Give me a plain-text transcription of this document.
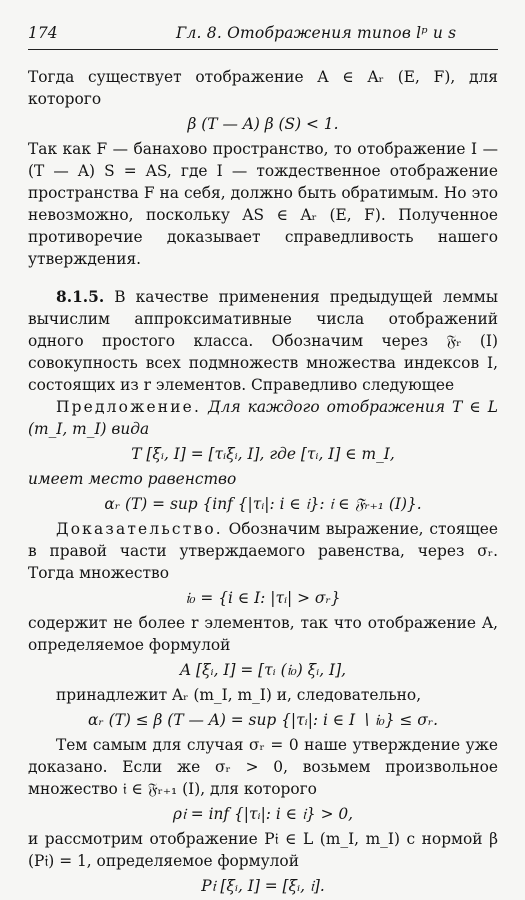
174	Гл. 8. Отображения типов lᵖ и s

Тогда существует отображение A ∈ Aᵣ (E, F), для которого

β (T — A) β (S) < 1.

Так как F — банахово пространство, то отображение I — (T — A) S = AS, где I — тождественное отображение пространства F на себя, должно быть обратимым. Но это невозможно, поскольку AS ∈ Aᵣ (E, F). Полученное противоречие доказывает справедливость нашего утверждения.

8.1.5. В качестве применения предыдущей леммы вычислим аппроксимативные числа отображений одного простого класса. Обозначим через 𝔉ᵣ (I) совокупность всех подмножеств множества индексов I, состоящих из r элементов. Справедливо следующее

Предложение. Для каждого отображения T ∈ L (m_I, m_I) вида

T [ξᵢ, I] = [τᵢξᵢ, I], где [τᵢ, I] ∈ m_I,

имеет место равенство

αᵣ (T) = sup {inf {|τᵢ|: i ∈ 𝔦}: 𝔦 ∈ 𝔉ᵣ₊₁ (I)}.

Доказательство. Обозначим выражение, стоящее в правой части утверждаемого равенства, через σᵣ. Тогда множество

𝔦₀ = {i ∈ I: |τᵢ| > σᵣ}

содержит не более r элементов, так что отображение A, определяемое формулой

A [ξᵢ, I] = [τᵢ (𝔦₀) ξᵢ, I],

принадлежит Aᵣ (m_I, m_I) и, следовательно,

αᵣ (T) ≤ β (T — A) = sup {|τᵢ|: i ∈ I ∖ 𝔦₀} ≤ σᵣ.

Тем самым для случая σᵣ = 0 наше утверждение уже доказано. Если же σᵣ > 0, возьмем произвольное множество 𝔦 ∈ 𝔉ᵣ₊₁ (I), для которого

ρ𝔦 = inf {|τᵢ|: i ∈ 𝔦} > 0,

и рассмотрим отображение P𝔦 ∈ L (m_I, m_I) с нормой β (P𝔦) = 1, определяемое формулой

P𝔦 [ξᵢ, I] = [ξᵢ, 𝔦].
